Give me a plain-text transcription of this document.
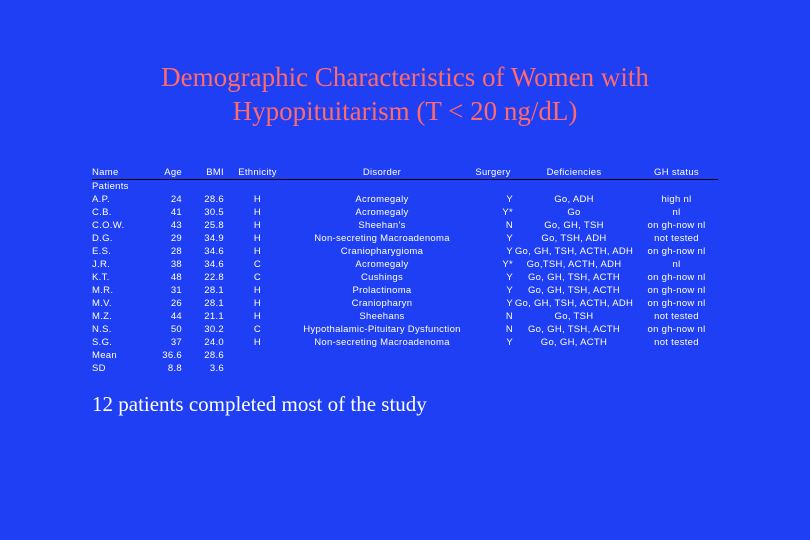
Demographic Characteristics of Women with
Hypopituitarism (T < 20 ng/dL)
Name	Age	BMI	Ethnicity	Disorder	Surgery	Deficiencies	GH status
Patients							
A.P.	24	28.6	H	Acromegaly	Y	Go, ADH	high nl
C.B.	41	30.5	H	Acromegaly	Y*	Go	nl
C.O.W.	43	25.8	H	Sheehan's	N	Go, GH, TSH	on gh-now nl
D.G.	29	34.9	H	Non-secreting Macroadenoma	Y	Go, TSH, ADH	not tested
E.S.	28	34.6	H	Craniopharygioma	Y	Go, GH, TSH, ACTH, ADH	on gh-now nl
J.R.	38	34.6	C	Acromegaly	Y*	Go,TSH, ACTH, ADH	nl
K.T.	48	22.8	C	Cushings	Y	Go, GH, TSH, ACTH	on gh-now nl
M.R.	31	28.1	H	Prolactinoma	Y	Go, GH, TSH, ACTH	on gh-now nl
M.V.	26	28.1	H	Craniopharyn	Y	Go, GH, TSH, ACTH, ADH	on gh-now nl
M.Z.	44	21.1	H	Sheehans	N	Go, TSH	not tested
N.S.	50	30.2	C	Hypothalamic-Pituitary Dysfunction	N	Go, GH, TSH, ACTH	on gh-now nl
S.G.	37	24.0	H	Non-secreting Macroadenoma	Y	Go, GH, ACTH	not tested
Mean	36.6	28.6					
SD	8.8	3.6					
12 patients completed most of the study
